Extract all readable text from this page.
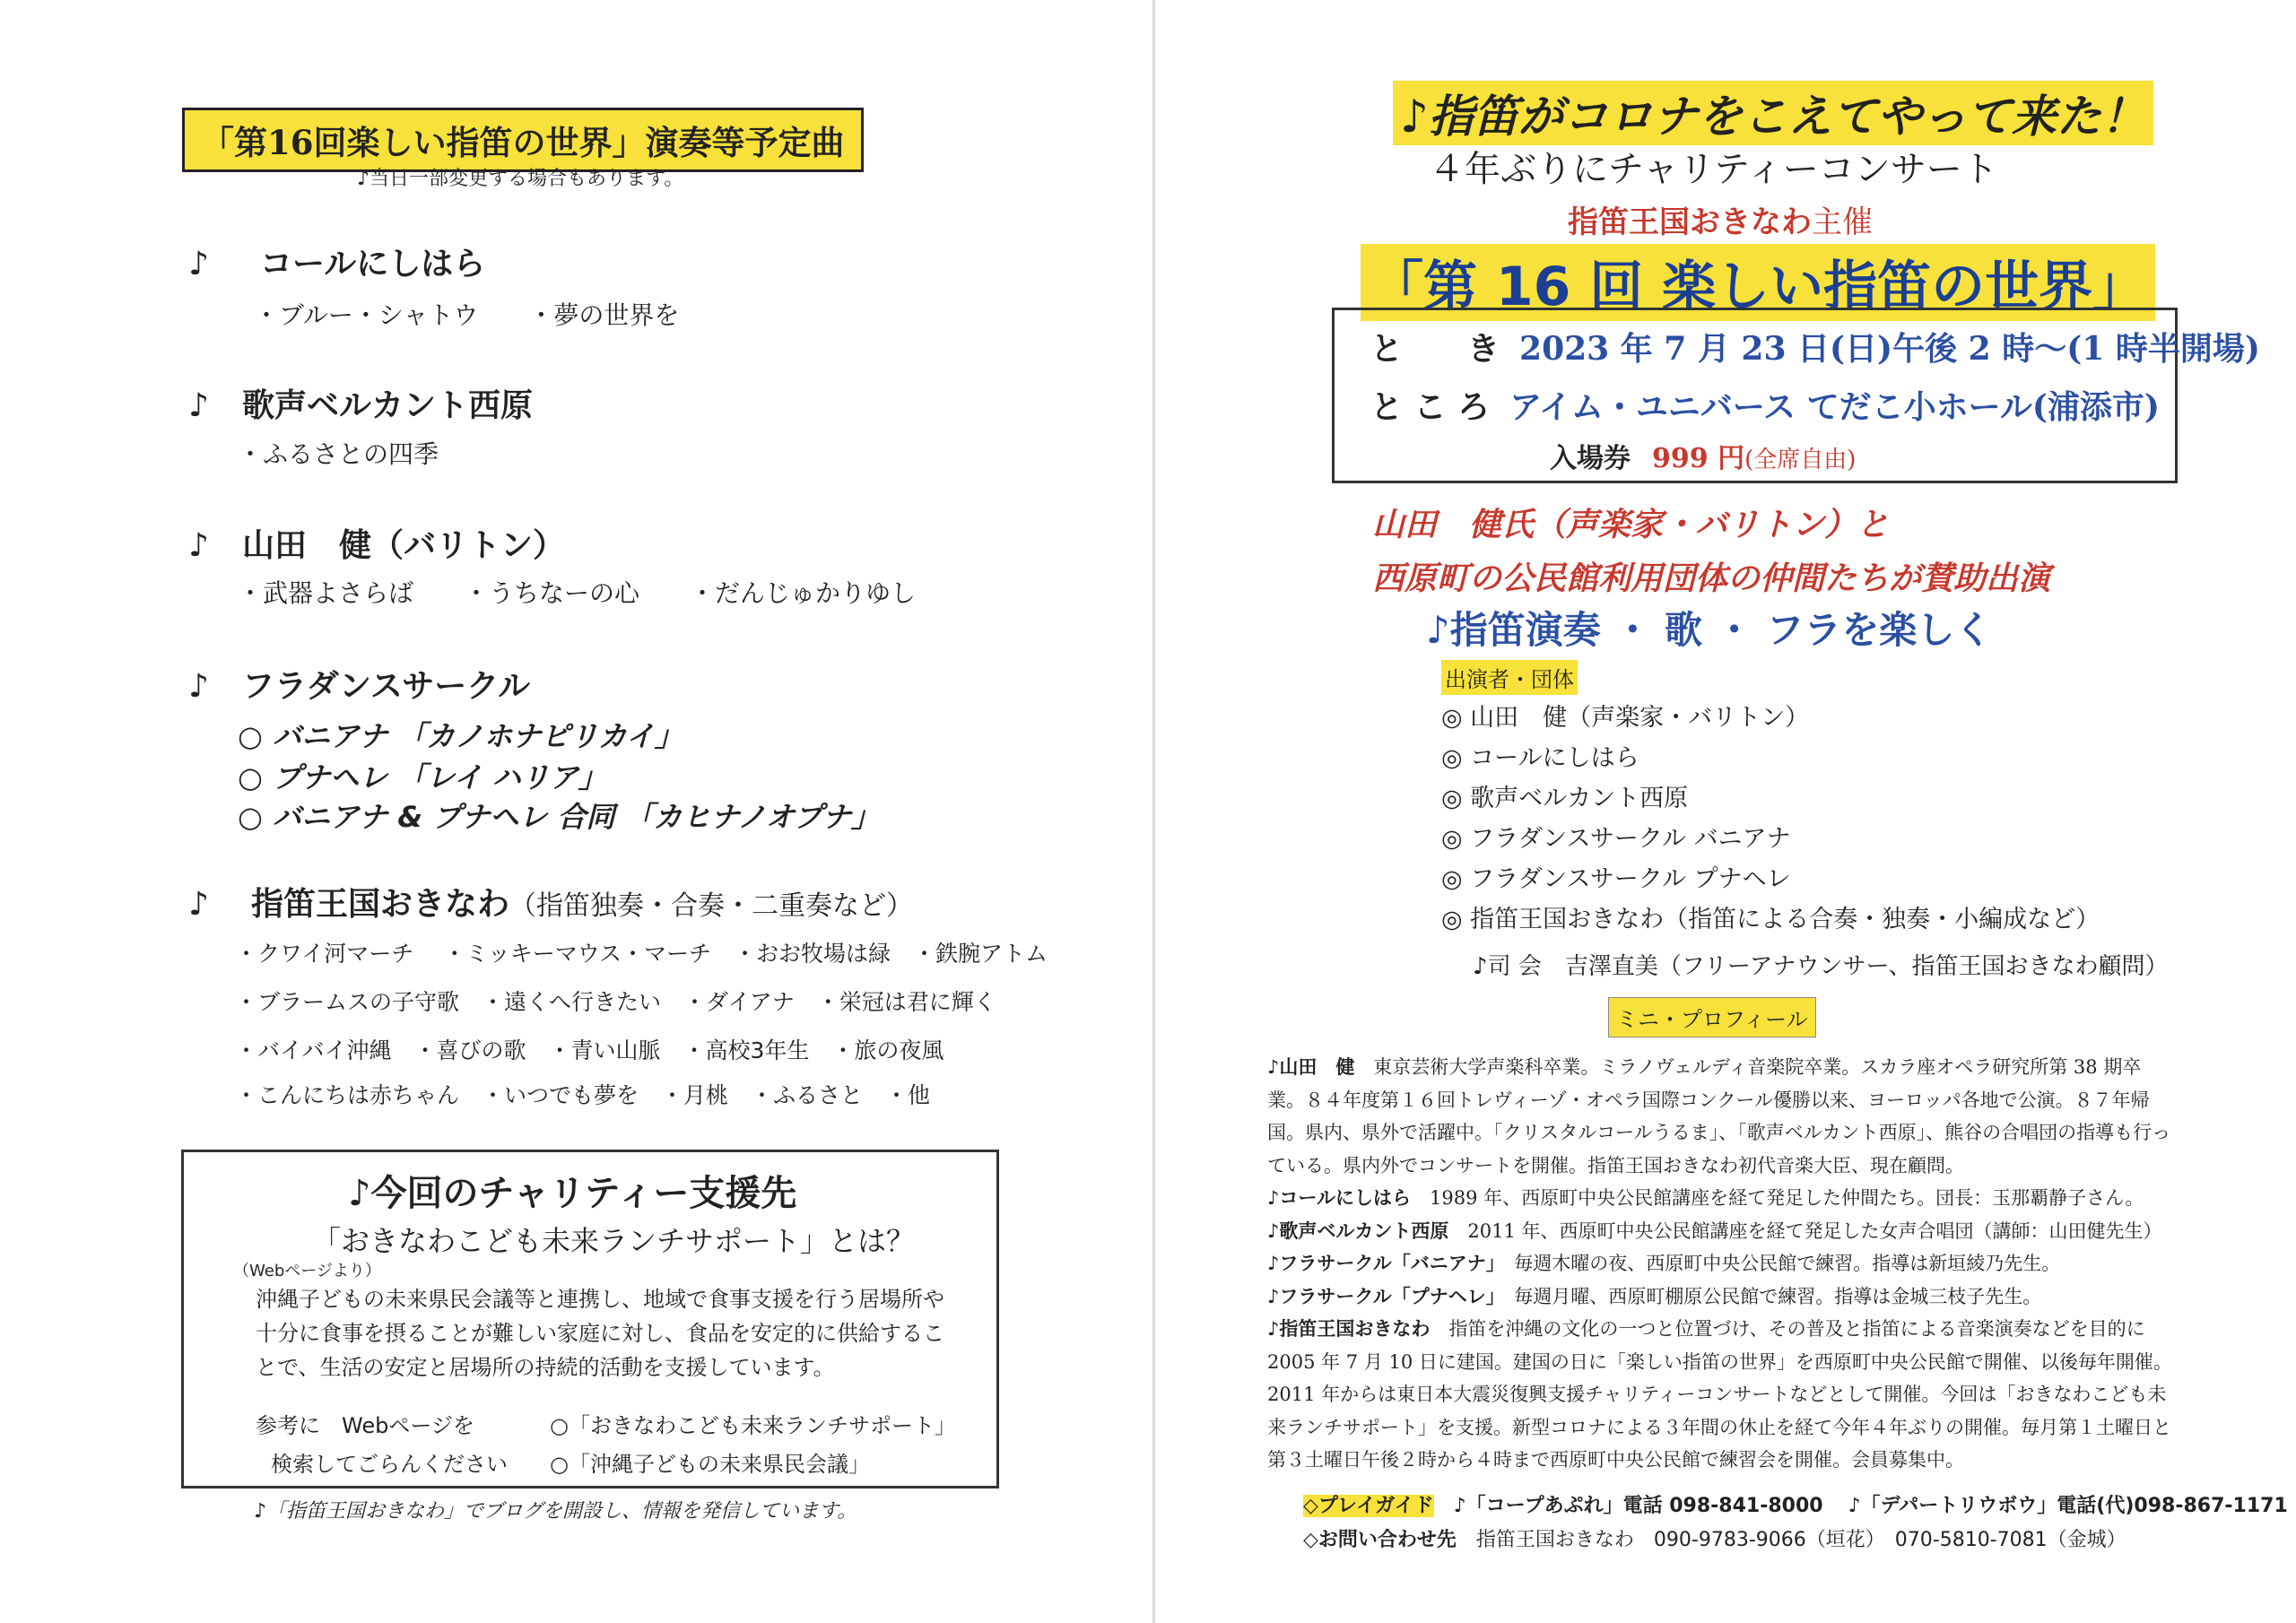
「第16回楽しい指笛の世界」演奏等予定曲
♪当日一部変更する場合もあります。
♪ コールにしはら
・ブルー・シャトウ　　・夢の世界を
♪ 歌声ベルカント西原
・ふるさとの四季
♪ 山田　健（バリトン）
・武器よさらば　　・うちなーの心　　・だんじゅかりゆし
♪ フラダンスサークル
○ バニアナ 「カノホナピリカイ」
○ プナヘレ 「レイ ハリア」
○ バニアナ & プナヘレ 合同 「カヒナノオプナ」
♪ 指笛王国おきなわ（指笛独奏・合奏・二重奏など）
・クワイ河マーチ　 ・ミッキーマウス・マーチ　・おお牧場は緑　・鉄腕アトム
・ブラームスの子守歌　・遠くへ行きたい　・ダイアナ　・栄冠は君に輝く
・バイバイ沖縄　・喜びの歌　・青い山脈　・高校3年生　・旅の夜風
・こんにちは赤ちゃん　・いつでも夢を　・月桃　・ふるさと　・他
♪今回のチャリティー支援先
「おきなわこども未来ランチサポート」とは？
（Webページより）
沖縄子どもの未来県民会議等と連携し、地域で食事支援を行う居場所や十分に食事を摂ることが難しい家庭に対し、食品を安定的に供給することで、生活の安定と居場所の持続的活動を支援しています。
参考に　Webページを
検索してごらんください
○「おきなわこども未来ランチサポート」
○「沖縄子どもの未来県民会議」
♪「指笛王国おきなわ」でブログを開設し、情報を発信しています。
♪指笛がコロナをこえてやって来た！
４年ぶりにチャリティーコンサート
指笛王国おきなわ主催
「第 16 回 楽しい指笛の世界」
と　　き 2023 年 7 月 23 日(日)午後 2 時～(1 時半開場)
と こ ろ アイム・ユニバース てだこ小ホール(浦添市)
入場券 999 円(全席自由)
山田　健氏（声楽家・バリトン）と
西原町の公民館利用団体の仲間たちが賛助出演
♪指笛演奏 ・ 歌 ・ フラを楽しく
出演者・団体
◎ 山田　健（声楽家・バリトン）
◎ コールにしはら
◎ 歌声ベルカント西原
◎ フラダンスサークル バニアナ
◎ フラダンスサークル プナヘレ
◎ 指笛王国おきなわ（指笛による合奏・独奏・小編成など）
♪司 会　吉澤直美（フリーアナウンサー、指笛王国おきなわ顧問）
ミニ・プロフィール
♪山田　健　 東京芸術大学声楽科卒業。ミラノヴェルディ音楽院卒業。スカラ座オペラ研究所第 38 期卒業。８４年度第１６回トレヴィーゾ・オペラ国際コンクール優勝以来、ヨーロッパ各地で公演。８７年帰国。県内、県外で活躍中。「クリスタルコールうるま」、「歌声ベルカント西原」、熊谷の合唱団の指導も行っている。県内外でコンサートを開催。指笛王国おきなわ初代音楽大臣、現在顧問。
♪コールにしはら　 1989 年、西原町中央公民館講座を経て発足した仲間たち。団長：玉那覇静子さん。
♪歌声ベルカント西原　 2011 年、西原町中央公民館講座を経て発足した女声合唱団（講師：山田健先生）
♪フラサークル「バニアナ」　 毎週木曜の夜、西原町中央公民館で練習。指導は新垣綾乃先生。
♪フラサークル「プナヘレ」　 毎週月曜、西原町棚原公民館で練習。指導は金城三枝子先生。
♪指笛王国おきなわ　 指笛を沖縄の文化の一つと位置づけ、その普及と指笛による音楽演奏などを目的に 2005 年 7 月 10 日に建国。建国の日に「楽しい指笛の世界」を西原町中央公民館で開催、以後毎年開催。2011 年からは東日本大震災復興支援チャリティーコンサートなどとして開催。今回は「おきなわこども未来ランチサポート」を支援。新型コロナによる３年間の休止を経て今年４年ぶりの開催。毎月第１土曜日と第３土曜日午後２時から４時まで西原町中央公民館で練習会を開催。会員募集中。
◇プレイガイド ♪「コープあぷれ」電話 098-841-8000 ♪「デパートリウボウ」電話(代)098-867-1171
◇お問い合わせ先 指笛王国おきなわ　090-9783-9066（垣花）　070-5810-7081（金城）
